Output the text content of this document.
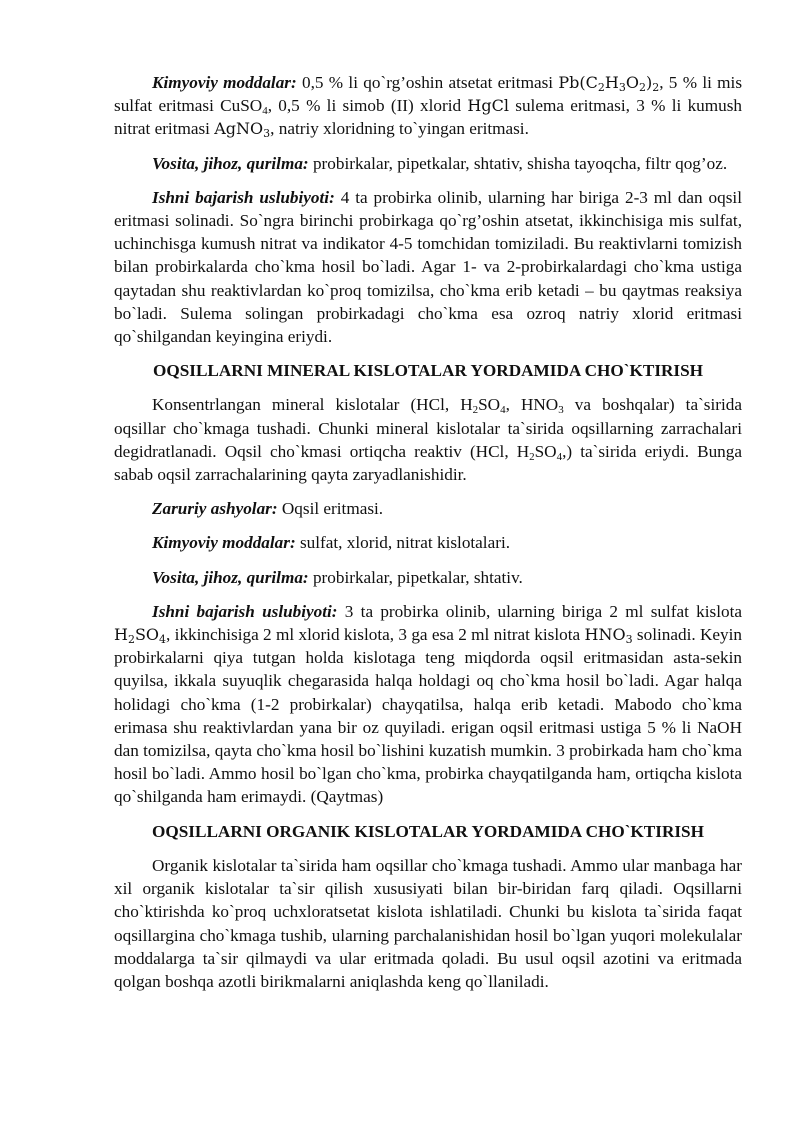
Kimyoviy moddalar: 0,5 % li qo`rg’oshin atsetat eritmasi $Pb(C_2H_3O_2)_2$, 5 % li mis sulfat eritmasi CuSO$_4$, 0,5 % li simob (II) xlorid HgCl sulema eritmasi, 3 % li kumush nitrat eritmasi AgNO$_3$, natriy xloridning to`yingan eritmasi.

Vosita, jihoz, qurilma: probirkalar, pipetkalar, shtativ, shisha tayoqcha, filtr qog’oz.

Ishni bajarish uslubiyoti: 4 ta probirka olinib, ularning har biriga 2-3 ml dan oqsil eritmasi solinadi. So`ngra birinchi probirkaga qo`rg’oshin atsetat, ikkinchisiga mis sulfat, uchinchisga kumush nitrat va indikator 4-5 tomchidan tomiziladi. Bu reaktivlarni tomizish bilan probirkalarda cho`kma hosil bo`ladi. Agar 1- va 2-probirkalardagi cho`kma ustiga qaytadan shu reaktivlardan ko`proq tomizilsa, cho`kma erib ketadi – bu qaytmas reaksiya bo`ladi. Sulema solingan probirkadagi cho`kma esa ozroq natriy xlorid eritmasi qo`shilgandan keyingina eriydi.

OQSILLARNI MINERAL KISLOTALAR YORDAMIDA CHO`KTIRISH

Konsentrlangan mineral kislotalar (HCl, $H_2SO_4$, $HNO_3$ va boshqalar) ta`sirida oqsillar cho`kmaga tushadi. Chunki mineral kislotalar ta`sirida oqsillarning zarrachalari degidratlanadi. Oqsil cho`kmasi ortiqcha reaktiv (HCl, $H_2SO_4$,) ta`sirida eriydi. Bunga sabab oqsil zarrachalarining qayta zaryadlanishidir.

Zaruriy ashyolar: Oqsil eritmasi.

Kimyoviy moddalar: sulfat, xlorid, nitrat kislotalari.

Vosita, jihoz, qurilma: probirkalar, pipetkalar, shtativ.

Ishni bajarish uslubiyoti: 3 ta probirka olinib, ularning biriga 2 ml sulfat kislota $H_2SO_4$, ikkinchisiga 2 ml xlorid kislota, 3 ga esa 2 ml nitrat kislota $HNO_3$ solinadi. Keyin probirkalarni qiya tutgan holda kislotaga teng miqdorda oqsil eritmasidan asta-sekin quyilsa, ikkala suyuqlik chegarasida halqa holdagi oq cho`kma hosil bo`ladi. Agar halqa holidagi cho`kma (1-2 probirkalar) chayqatilsa, halqa erib ketadi. Mabodo cho`kma erimasa shu reaktivlardan yana bir oz quyiladi. erigan oqsil eritmasi ustiga 5 % li NaOH dan tomizilsa, qayta cho`kma hosil bo`lishini kuzatish mumkin. 3 probirkada ham cho`kma hosil bo`ladi. Ammo hosil bo`lgan cho`kma, probirka chayqatilganda ham, ortiqcha kislota qo`shilganda ham erimaydi. (Qaytmas)

OQSILLARNI ORGANIK KISLOTALAR YORDAMIDA CHO`KTIRISH

Organik kislotalar ta`sirida ham oqsillar cho`kmaga tushadi. Ammo ular manbaga har xil organik kislotalar ta`sir qilish xususiyati bilan bir-biridan farq qiladi. Oqsillarni cho`ktirishda ko`proq uchxloratsetat kislota ishlatiladi. Chunki bu kislota ta`sirida faqat oqsillargina cho`kmaga tushib, ularning parchalanishidan hosil bo`lgan yuqori molekulalar moddalarga ta`sir qilmaydi va ular eritmada qoladi. Bu usul oqsil azotini va eritmada qolgan boshqa azotli birikmalarni aniqlashda keng qo`llaniladi.
